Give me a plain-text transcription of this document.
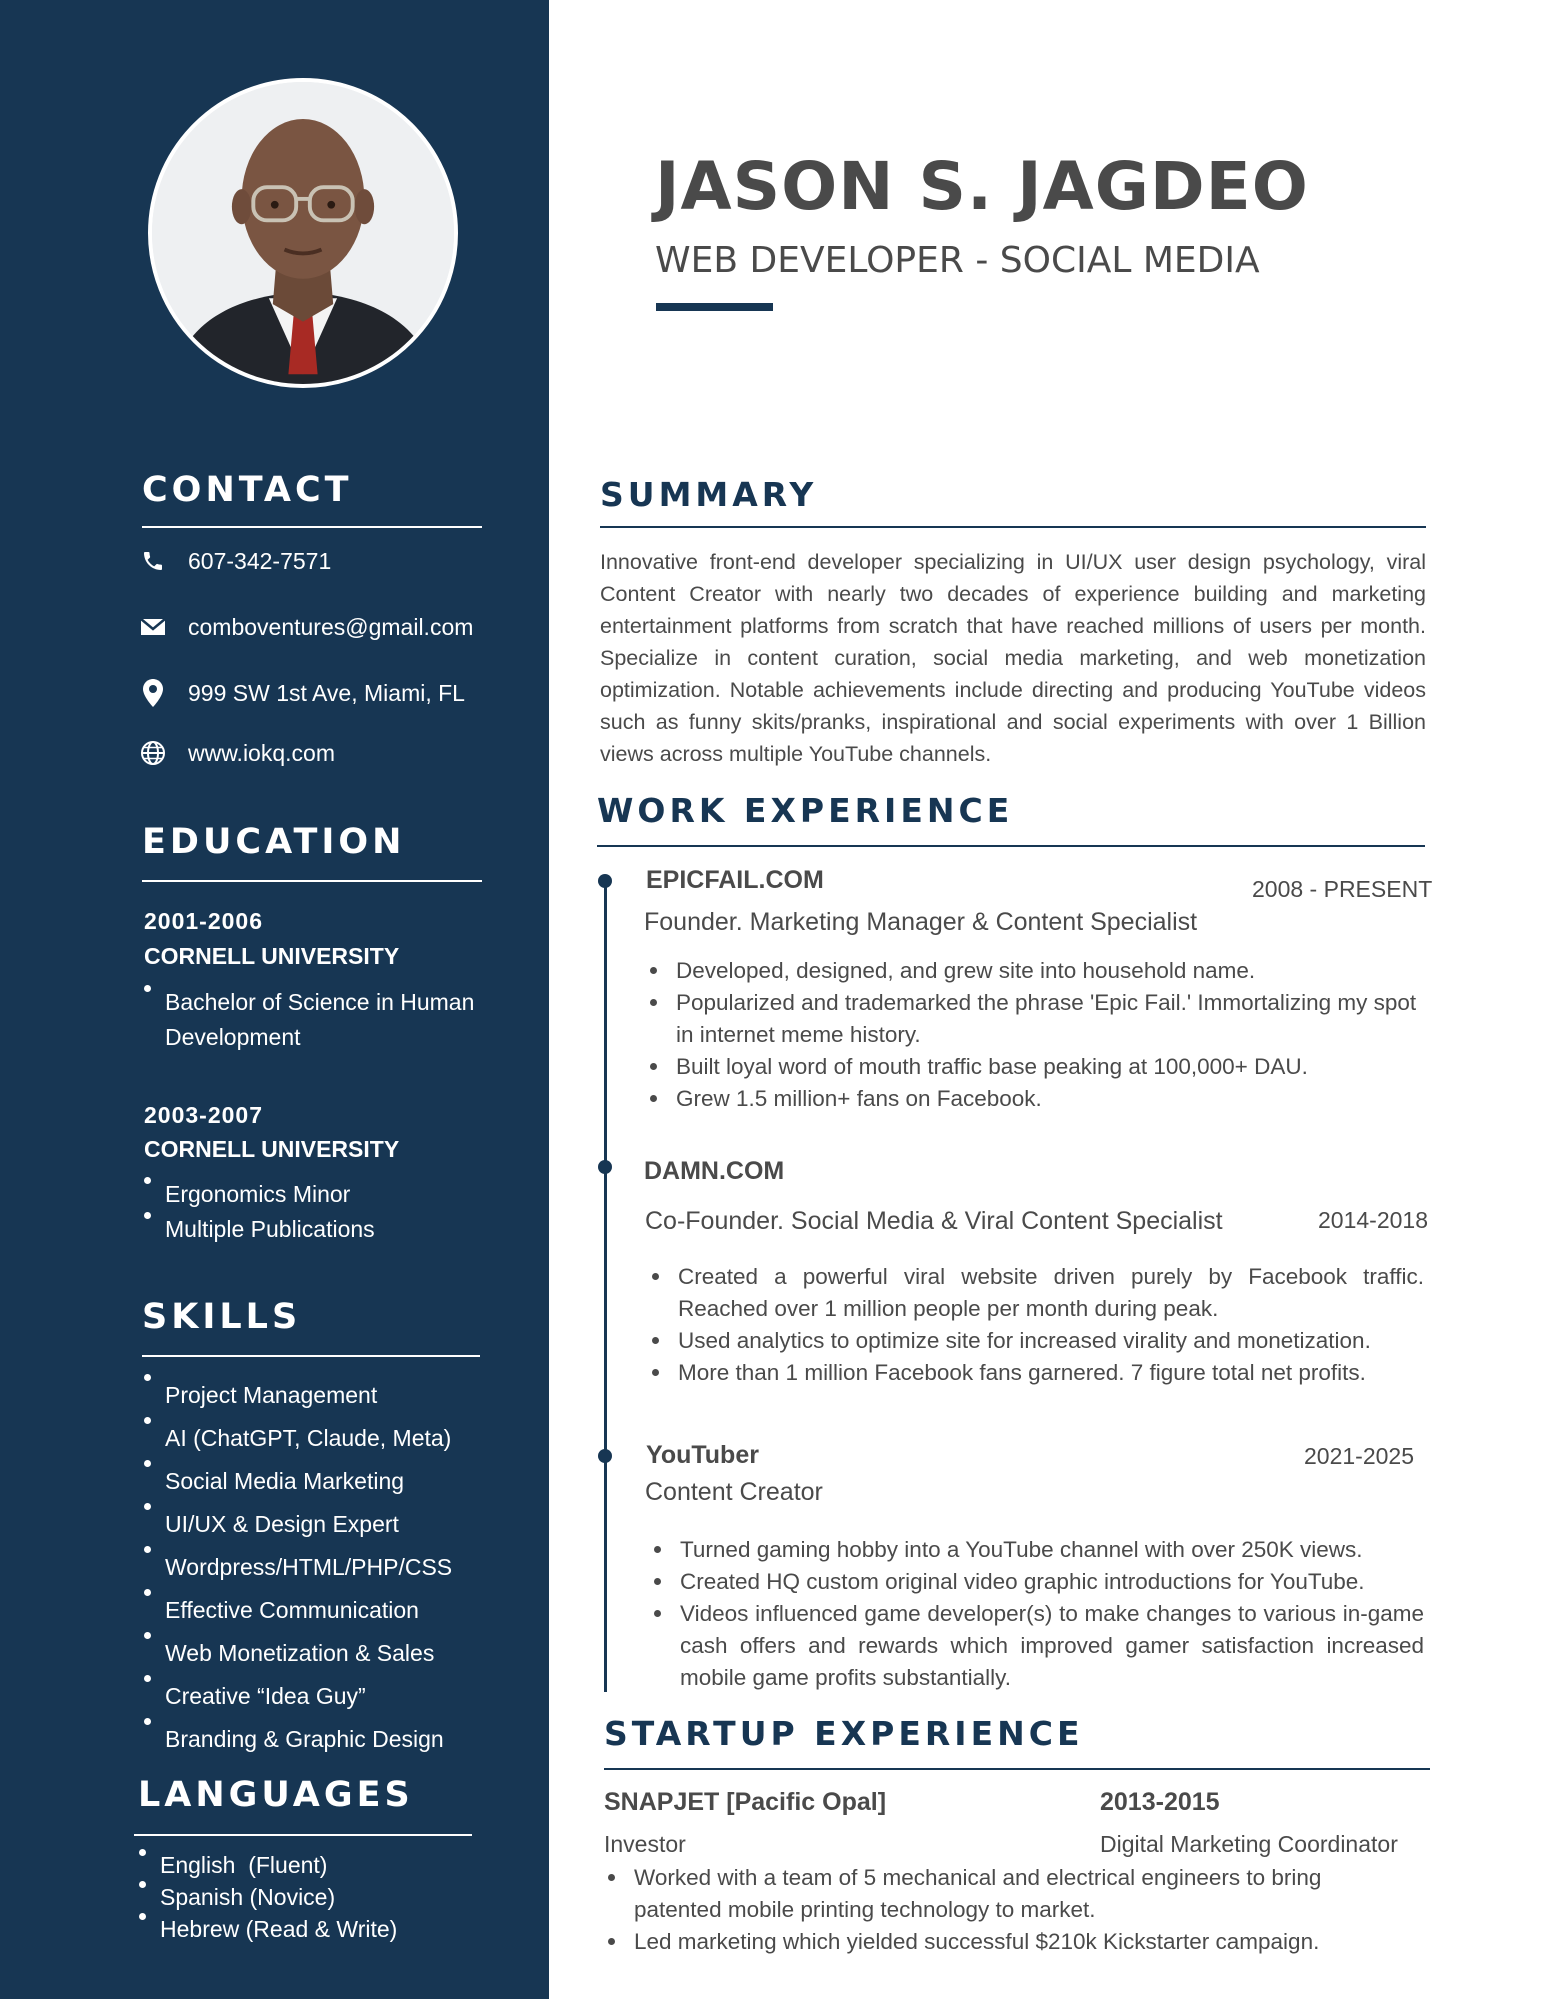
CONTACT
607-342-7571
comboventures@gmail.com
999 SW 1st Ave, Miami, FL
www.iokq.com
EDUCATION
2001-2006
CORNELL UNIVERSITY
Bachelor of Science in Human Development
2003-2007
CORNELL UNIVERSITY
Ergonomics Minor
Multiple Publications
SKILLS
Project Management
AI (ChatGPT, Claude, Meta)
Social Media Marketing
UI/UX & Design Expert
Wordpress/HTML/PHP/CSS
Effective Communication
Web Monetization & Sales
Creative “Idea Guy”
Branding & Graphic Design
LANGUAGES
English  (Fluent)
Spanish (Novice)
Hebrew (Read & Write)
JASON S. JAGDEO
WEB DEVELOPER - SOCIAL MEDIA
SUMMARY
Innovative front-end developer specializing in UI/UX user design psychology, viral Content Creator with nearly two decades of experience building and marketing entertainment platforms from scratch that have reached millions of users per month. Specialize in content curation, social media marketing, and web monetization optimization. Notable achievements include directing and producing YouTube videos such as funny skits/pranks, inspirational and social experiments with over 1 Billion views across multiple YouTube channels.
WORK EXPERIENCE
EPICFAIL.COM	2008 - PRESENT
Founder. Marketing Manager & Content Specialist
Developed, designed, and grew site into household name.
Popularized and trademarked the phrase 'Epic Fail.' Immortalizing my spot in internet meme history.
Built loyal word of mouth traffic base peaking at 100,000+ DAU.
Grew 1.5 million+ fans on Facebook.
DAMN.COM
Co-Founder. Social Media & Viral Content Specialist	2014-2018
Created a powerful viral website driven purely by Facebook traffic. Reached over 1 million people per month during peak.
Used analytics to optimize site for increased virality and monetization.
More than 1 million Facebook fans garnered. 7 figure total net profits.
YouTuber	2021-2025
Content Creator
Turned gaming hobby into a YouTube channel with over 250K views.
Created HQ custom original video graphic introductions for YouTube.
Videos influenced game developer(s) to make changes to various in-game cash offers and rewards which improved gamer satisfaction increased mobile game profits substantially.
STARTUP EXPERIENCE
SNAPJET [Pacific Opal]	2013-2015
Investor	Digital Marketing Coordinator
Worked with a team of 5 mechanical and electrical engineers to bring patented mobile printing technology to market.
Led marketing which yielded successful $210k Kickstarter campaign.
